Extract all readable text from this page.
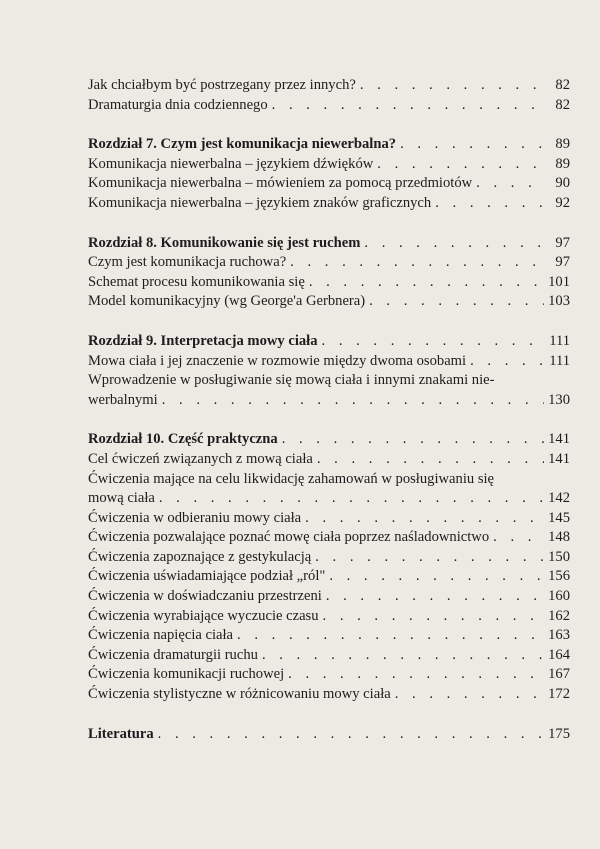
Jak chciałbym być postrzegany przez innych? . . .	82
Dramaturgia dnia codziennego . . .	82
Rozdział 7. Czym jest komunikacja niewerbalna? . . .	89
Komunikacja niewerbalna – językiem dźwięków . . .	89
Komunikacja niewerbalna – mówieniem za pomocą przedmiotów . . .	90
Komunikacja niewerbalna – językiem znaków graficznych . . .	92
Rozdział 8. Komunikowanie się jest ruchem . . .	97
Czym jest komunikacja ruchowa? . . .	97
Schemat procesu komunikowania się . . .	101
Model komunikacyjny (wg George'a Gerbnera) . . .	103
Rozdział 9. Interpretacja mowy ciała . . .	111
Mowa ciała i jej znaczenie w rozmowie między dwoma osobami . . .	111
Wprowadzenie w posługiwanie się mową ciała i innymi znakami nie-
werbalnymi . . .	130
Rozdział 10. Część praktyczna . . .	141
Cel ćwiczeń związanych z mową ciała . . .	141
Ćwiczenia mające na celu likwidację zahamowań w posługiwaniu się
mową ciała . . .	142
Ćwiczenia w odbieraniu mowy ciała . . .	145
Ćwiczenia pozwalające poznać mowę ciała poprzez naśladownictwo . . .	148
Ćwiczenia zapoznające z gestykulacją . . .	150
Ćwiczenia uświadamiające podział „ról" . . .	156
Ćwiczenia w doświadczaniu przestrzeni . . .	160
Ćwiczenia wyrabiające wyczucie czasu . . .	162
Ćwiczenia napięcia ciała . . .	163
Ćwiczenia dramaturgii ruchu . . .	164
Ćwiczenia komunikacji ruchowej . . .	167
Ćwiczenia stylistyczne w różnicowaniu mowy ciała . . .	172
Literatura . . .	175
